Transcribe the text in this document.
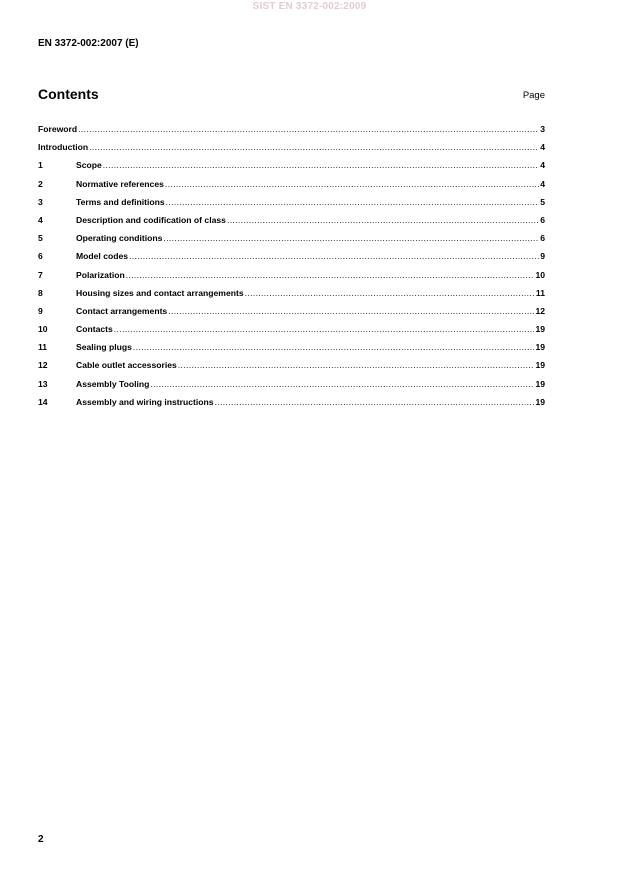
SIST EN 3372-002:2009
EN 3372-002:2007 (E)
Contents	Page
Foreword .....	3
Introduction .....	4
1	Scope .....	4
2	Normative references .....	4
3	Terms and definitions .....	5
4	Description and codification of class .....	6
5	Operating conditions .....	6
6	Model codes .....	9
7	Polarization .....	10
8	Housing sizes and contact arrangements .....	11
9	Contact arrangements .....	12
10	Contacts .....	19
11	Sealing plugs .....	19
12	Cable outlet accessories .....	19
13	Assembly Tooling .....	19
14	Assembly and wiring instructions .....	19
2
